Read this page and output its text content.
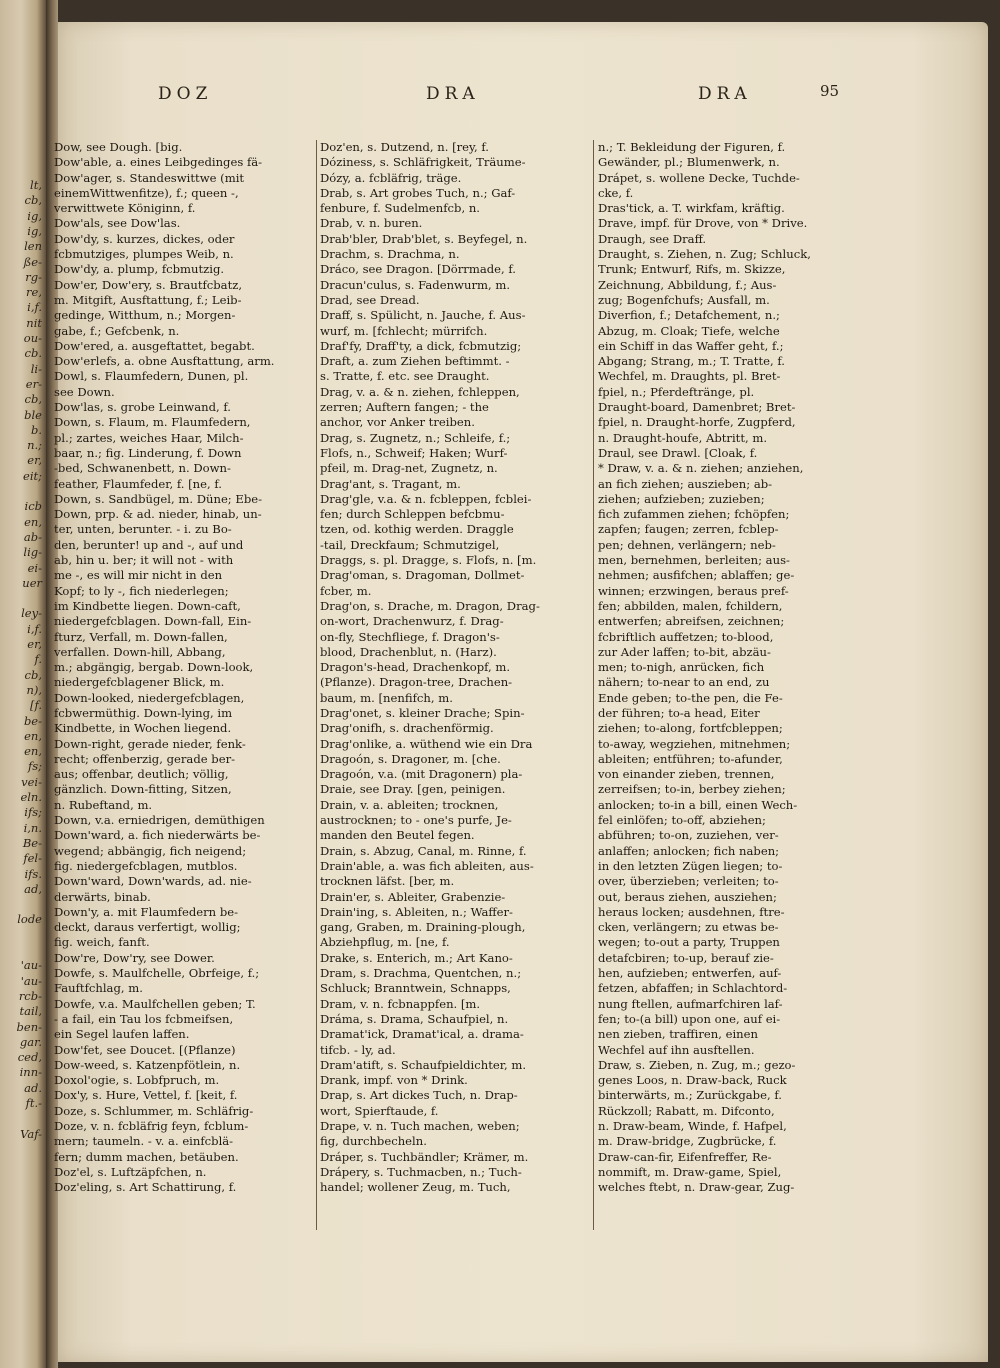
lt,
cb,
ig,
ig,
len
ße-
rg-
re,
i,f.
nit
ou-
cb.
li-
er-
cb,
ble
b.
n.;
er,
eit;
icb
en,
ab-
lig-
ei-
uer
ley-
i,f.
er,
f.
cb,
n),
[f.
be-
en,
en,
fs;
vei-
eln.
ifs;
i,n.
Be-
fel-
ifs.
ad,
lode
'au-
'au-
rcb-
tail,
ben-
gar.
ced,
inn-
ad.
ft.-
Vaf-
DOZ	DRA	DRA	95
Dow, see Dough. [big.
Dow'able, a. eines Leibgedinges fä-
Dow'ager, s. Standeswittwe (mit
einemWittwenfitze), f.; queen -,
verwittwete Königinn, f.
Dow'als, see Dow'las.
Dow'dy, s. kurzes, dickes, oder
fcbmutziges, plumpes Weib, n.
Dow'dy, a. plump, fcbmutzig.
Dow'er, Dow'ery, s. Brautfcbatz,
m. Mitgift, Ausftattung, f.; Leib-
gedinge, Witthum, n.; Morgen-
gabe, f.; Gefcbenk, n.
Dow'ered, a. ausgeftattet, begabt.
Dow'erlefs, a. obne Ausftattung, arm.
Dowl, s. Flaumfedern, Dunen, pl.
see Down.
Dow'las, s. grobe Leinwand, f.
Down, s. Flaum, m. Flaumfedern,
pl.; zartes, weiches Haar, Milch-
baar, n.; fig. Linderung, f. Down
-bed, Schwanenbett, n. Down-
feather, Flaumfeder, f. [ne, f.
Down, s. Sandbügel, m. Düne; Ebe-
Down, prp. & ad. nieder, hinab, un-
ter, unten, berunter. - i. zu Bo-
den, berunter! up and -, auf und
ab, hin u. ber; it will not - with
me -, es will mir nicht in den
Kopf; to ly -, fich niederlegen;
im Kindbette liegen. Down-caft,
niedergefcblagen. Down-fall, Ein-
fturz, Verfall, m. Down-fallen,
verfallen. Down-hill, Abbang,
m.; abgängig, bergab. Down-look,
niedergefcblagener Blick, m.
Down-looked, niedergefcblagen,
fcbwermüthig. Down-lying, im
Kindbette, in Wochen liegend.
Down-right, gerade nieder, fenk-
recht; offenberzig, gerade ber-
aus; offenbar, deutlich; völlig,
gänzlich. Down-fitting, Sitzen,
n. Rubeftand, m.
Down, v.a. erniedrigen, demüthigen
Down'ward, a. fich niederwärts be-
wegend; abbängig, fich neigend;
fig. niedergefcblagen, mutblos.
Down'ward, Down'wards, ad. nie-
derwärts, binab.
Down'y, a. mit Flaumfedern be-
deckt, daraus verfertigt, wollig;
fig. weich, fanft.
Dow're, Dow'ry, see Dower.
Dowfe, s. Maulfchelle, Obrfeige, f.;
Fauftfchlag, m.
Dowfe, v.a. Maulfchellen geben; T.
- a fail, ein Tau los fcbmeifsen,
ein Segel laufen laffen.
Dow'fet, see Doucet. [(Pflanze)
Dow-weed, s. Katzenpfötlein, n.
Doxol'ogie, s. Lobfpruch, m.
Dox'y, s. Hure, Vettel, f. [keit, f.
Doze, s. Schlummer, m. Schläfrig-
Doze, v. n. fcbläfrig feyn, fcblum-
mern; taumeln. - v. a. einfcblä-
fern; dumm machen, betäuben.
Doz'el, s. Luftzäpfchen, n.
Doz'eling, s. Art Schattirung, f.
Doz'en, s. Dutzend, n. [rey, f.
Dóziness, s. Schläfrigkeit, Träume-
Dózy, a. fcbläfrig, träge.
Drab, s. Art grobes Tuch, n.; Gaf-
fenbure, f. Sudelmenfcb, n.
Drab, v. n. buren.
Drab'bler, Drab'blet, s. Beyfegel, n.
Drachm, s. Drachma, n.
Dráco, see Dragon. [Dörrmade, f.
Dracun'culus, s. Fadenwurm, m.
Drad, see Dread.
Draff, s. Spülicht, n. Jauche, f. Aus-
wurf, m. [fchlecht; mürrifch.
Draf'fy, Draff'ty, a dick, fcbmutzig;
Draft, a. zum Ziehen beftimmt. -
s. Tratte, f. etc. see Draught.
Drag, v. a. & n. ziehen, fchleppen,
zerren; Auftern fangen; - the
anchor, vor Anker treiben.
Drag, s. Zugnetz, n.; Schleife, f.;
Flofs, n., Schweif; Haken; Wurf-
pfeil, m. Drag-net, Zugnetz, n.
Drag'ant, s. Tragant, m.
Drag'gle, v.a. & n. fcbleppen, fcblei-
fen; durch Schleppen befcbmu-
tzen, od. kothig werden. Draggle
-tail, Dreckfaum; Schmutzigel,
Draggs, s. pl. Dragge, s. Flofs, n. [m.
Drag'oman, s. Dragoman, Dollmet-
fcber, m.
Drag'on, s. Drache, m. Dragon, Drag-
on-wort, Drachenwurz, f. Drag-
on-fly, Stechfliege, f. Dragon's-
blood, Drachenblut, n. (Harz).
Dragon's-head, Drachenkopf, m.
(Pflanze). Dragon-tree, Drachen-
baum, m. [nenfifch, m.
Drag'onet, s. kleiner Drache; Spin-
Drag'onifh, s. drachenförmig.
Drag'onlike, a. wüthend wie ein Dra
Dragoón, s. Dragoner, m. [che.
Dragoón, v.a. (mit Dragonern) pla-
Draie, see Dray. [gen, peinigen.
Drain, v. a. ableiten; trocknen,
austrocknen; to - one's purfe, Je-
manden den Beutel fegen.
Drain, s. Abzug, Canal, m. Rinne, f.
Drain'able, a. was fich ableiten, aus-
trocknen läfst. [ber, m.
Drain'er, s. Ableiter, Grabenzie-
Drain'ing, s. Ableiten, n.; Waffer-
gang, Graben, m. Draining-plough,
Abziehpflug, m. [ne, f.
Drake, s. Enterich, m.; Art Kano-
Dram, s. Drachma, Quentchen, n.;
Schluck; Branntwein, Schnapps,
Dram, v. n. fcbnappfen. [m.
Dráma, s. Drama, Schaufpiel, n.
Dramat'ick, Dramat'ical, a. drama-
tifcb. - ly, ad.
Dram'atift, s. Schaufpieldichter, m.
Drank, impf. von * Drink.
Drap, s. Art dickes Tuch, n. Drap-
wort, Spierftaude, f.
Drape, v. n. Tuch machen, weben;
fig, durchbecheln.
Dráper, s. Tuchbändler; Krämer, m.
Drápery, s. Tuchmacben, n.; Tuch-
handel; wollener Zeug, m. Tuch,
n.; T. Bekleidung der Figuren, f.
Gewänder, pl.; Blumenwerk, n.
Drápet, s. wollene Decke, Tuchde-
cke, f.
Dras'tick, a. T. wirkfam, kräftig.
Drave, impf. für Drove, von * Drive.
Draugh, see Draff.
Draught, s. Ziehen, n. Zug; Schluck,
Trunk; Entwurf, Rifs, m. Skizze,
Zeichnung, Abbildung, f.; Aus-
zug; Bogenfchufs; Ausfall, m.
Diverfion, f.; Detafchement, n.;
Abzug, m. Cloak; Tiefe, welche
ein Schiff in das Waffer geht, f.;
Abgang; Strang, m.; T. Tratte, f.
Wechfel, m. Draughts, pl. Bret-
fpiel, n.; Pferdeftränge, pl.
Draught-board, Damenbret; Bret-
fpiel, n. Draught-horfe, Zugpferd,
n. Draught-houfe, Abtritt, m.
Draul, see Drawl. [Cloak, f.
* Draw, v. a. & n. ziehen; anziehen,
an fich ziehen; auszieben; ab-
ziehen; aufzieben; zuzieben;
fich zufammen ziehen; fchöpfen;
zapfen; faugen; zerren, fcblep-
pen; dehnen, verlängern; neb-
men, bernehmen, berleiten; aus-
nehmen; ausfifchen; ablaffen; ge-
winnen; erzwingen, beraus pref-
fen; abbilden, malen, fchildern,
entwerfen; abreifsen, zeichnen;
fcbriftlich auffetzen; to-blood,
zur Ader laffen; to-bit, abzäu-
men; to-nigh, anrücken, fich
nähern; to-near to an end, zu
Ende geben; to-the pen, die Fe-
der führen; to-a head, Eiter
ziehen; to-along, fortfcbleppen;
to-away, wegziehen, mitnehmen;
ableiten; entführen; to-afunder,
von einander zieben, trennen,
zerreifsen; to-in, berbey ziehen;
anlocken; to-in a bill, einen Wech-
fel einlöfen; to-off, abziehen;
abführen; to-on, zuziehen, ver-
anlaffen; anlocken; fich naben;
in den letzten Zügen liegen; to-
over, überzieben; verleiten; to-
out, beraus ziehen, ausziehen;
heraus locken; ausdehnen, ftre-
cken, verlängern; zu etwas be-
wegen; to-out a party, Truppen
detafcbiren; to-up, berauf zie-
hen, aufzieben; entwerfen, auf-
fetzen, abfaffen; in Schlachtord-
nung ftellen, aufmarfchiren laf-
fen; to-(a bill) upon one, auf ei-
nen zieben, traffiren, einen
Wechfel auf ihn ausftellen.
Draw, s. Zieben, n. Zug, m.; gezo-
genes Loos, n. Draw-back, Ruck
binterwärts, m.; Zurückgabe, f.
Rückzoll; Rabatt, m. Difconto,
n. Draw-beam, Winde, f. Hafpel,
m. Draw-bridge, Zugbrücke, f.
Draw-can-fir, Eifenfreffer, Re-
nommift, m. Draw-game, Spiel,
welches ftebt, n. Draw-gear, Zug-
